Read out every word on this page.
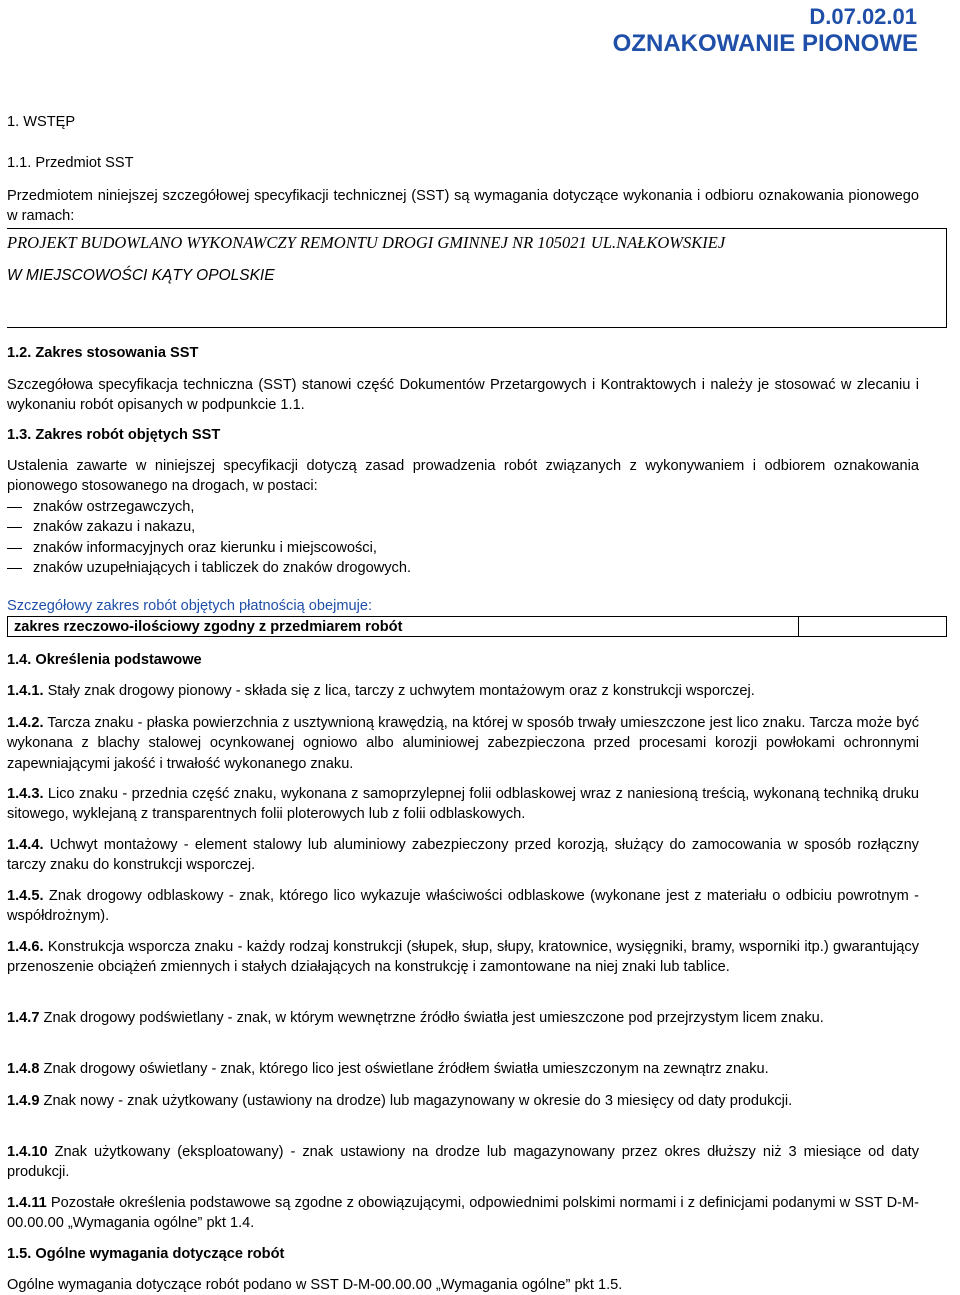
D.07.02.01
OZNAKOWANIE PIONOWE
1. WSTĘP
1.1. Przedmiot SST
Przedmiotem niniejszej szczegółowej specyfikacji technicznej (SST) są wymagania dotyczące wykonania i odbioru oznakowania pionowego w ramach:
PROJEKT BUDOWLANO WYKONAWCZY REMONTU DROGI GMINNEJ NR 105021 UL.NAŁKOWSKIEJ
W MIEJSCOWOŚCI KĄTY OPOLSKIE
1.2. Zakres stosowania SST
Szczegółowa specyfikacja techniczna (SST) stanowi część Dokumentów Przetargowych i Kontraktowych i należy je stosować w zlecaniu i wykonaniu robót opisanych w podpunkcie 1.1.
1.3. Zakres robót objętych SST
Ustalenia zawarte w niniejszej specyfikacji dotyczą zasad prowadzenia robót związanych z wykonywaniem i odbiorem oznakowania pionowego stosowanego na drogach, w postaci:
znaków ostrzegawczych,
znaków zakazu i nakazu,
znaków informacyjnych oraz kierunku i miejscowości,
znaków uzupełniających i tabliczek do znaków drogowych.
Szczegółowy zakres robót objętych płatnością obejmuje:
zakres rzeczowo-ilościowy zgodny z przedmiarem robót
1.4. Określenia podstawowe
1.4.1. Stały znak drogowy pionowy - składa się z lica, tarczy z uchwytem montażowym oraz z konstrukcji wsporczej.
1.4.2. Tarcza znaku - płaska powierzchnia z usztywnioną krawędzią, na której w sposób trwały umieszczone jest lico znaku. Tarcza może być wykonana z blachy stalowej ocynkowanej ogniowo albo aluminiowej zabezpieczona przed procesami korozji powłokami ochronnymi zapewniającymi jakość i trwałość wykonanego znaku.
1.4.3. Lico znaku - przednia część znaku, wykonana z samoprzylepnej folii odblaskowej wraz z naniesioną treścią, wykonaną techniką druku sitowego, wyklejaną z transparentnych folii ploterowych lub z folii odblaskowych.
1.4.4. Uchwyt montażowy - element stalowy lub aluminiowy zabezpieczony przed korozją, służący do zamocowania w sposób rozłączny tarczy znaku do konstrukcji wsporczej.
1.4.5. Znak drogowy odblaskowy - znak, którego lico wykazuje właściwości odblaskowe (wykonane jest z materiału o odbiciu powrotnym - współdrożnym).
1.4.6. Konstrukcja wsporcza znaku - każdy rodzaj konstrukcji (słupek, słup, słupy, kratownice, wysięgniki, bramy, wsporniki itp.) gwarantujący przenoszenie obciążeń zmiennych i stałych działających na konstrukcję i zamontowane na niej znaki lub tablice.
1.4.7 Znak drogowy podświetlany - znak, w którym wewnętrzne źródło światła jest umieszczone pod przejrzystym licem znaku.
1.4.8 Znak drogowy oświetlany - znak, którego lico jest oświetlane źródłem światła umieszczonym na zewnątrz znaku.
1.4.9 Znak nowy - znak użytkowany (ustawiony na drodze) lub magazynowany w okresie do 3 miesięcy od daty produkcji.
1.4.10 Znak użytkowany (eksploatowany) - znak ustawiony na drodze lub magazynowany przez okres dłuższy niż 3 miesiące od daty produkcji.
1.4.11 Pozostałe określenia podstawowe są zgodne z obowiązującymi, odpowiednimi polskimi normami i z definicjami podanymi w SST D-M-00.00.00 „Wymagania ogólne” pkt 1.4.
1.5. Ogólne wymagania dotyczące robót
Ogólne wymagania dotyczące robót podano w SST D-M-00.00.00 „Wymagania ogólne” pkt 1.5.
